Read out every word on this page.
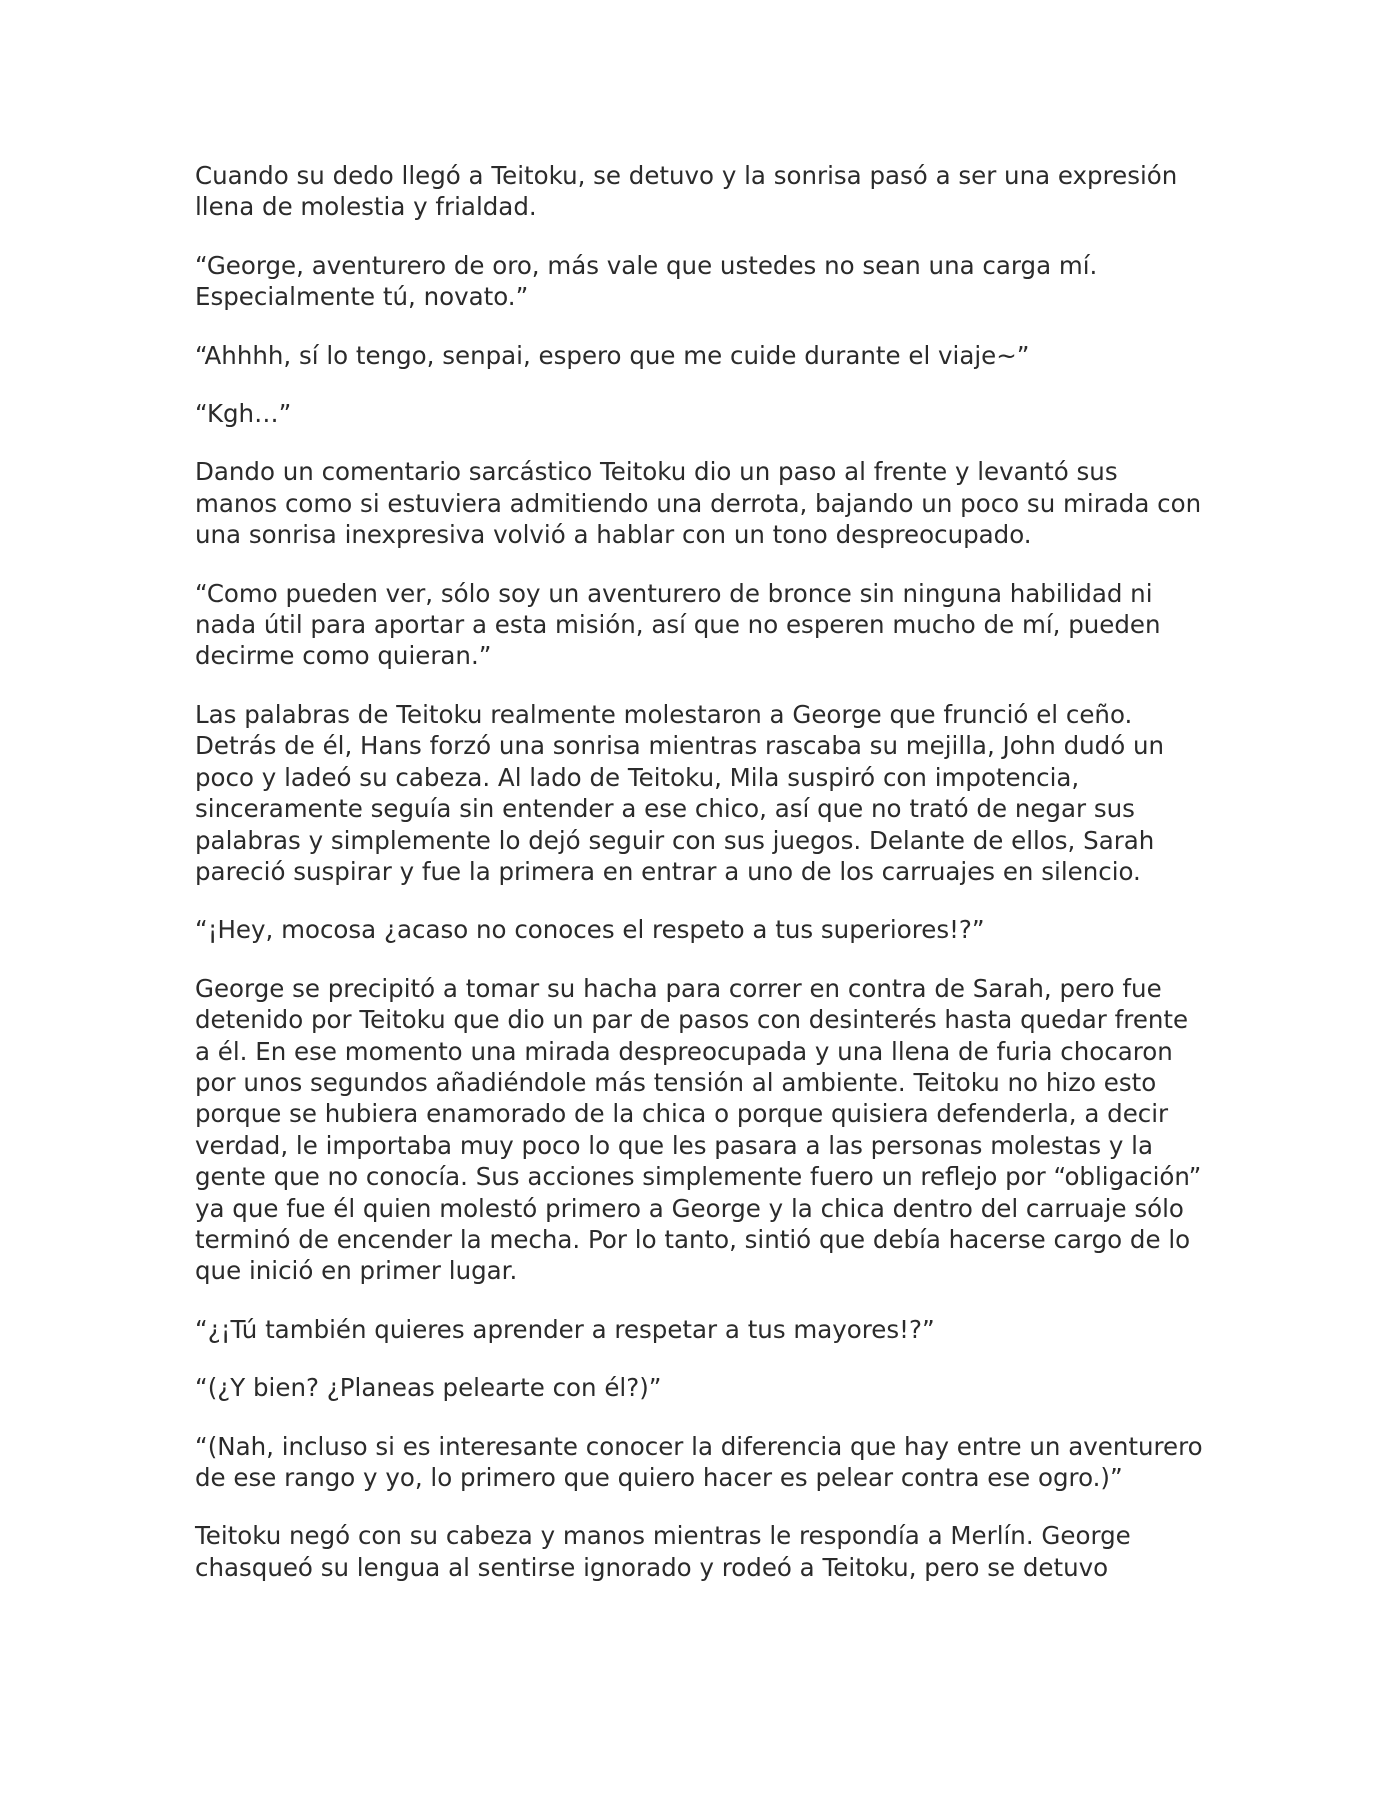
Cuando su dedo llegó a Teitoku, se detuvo y la sonrisa pasó a ser una expresión llena de molestia y frialdad.

“George, aventurero de oro, más vale que ustedes no sean una carga mí. Especialmente tú, novato.”

“Ahhhh, sí lo tengo, senpai, espero que me cuide durante el viaje~”

“Kgh…”

Dando un comentario sarcástico Teitoku dio un paso al frente y levantó sus manos como si estuviera admitiendo una derrota, bajando un poco su mirada con una sonrisa inexpresiva volvió a hablar con un tono despreocupado.

“Como pueden ver, sólo soy un aventurero de bronce sin ninguna habilidad ni nada útil para aportar a esta misión, así que no esperen mucho de mí, pueden decirme como quieran.”

Las palabras de Teitoku realmente molestaron a George que frunció el ceño. Detrás de él, Hans forzó una sonrisa mientras rascaba su mejilla, John dudó un poco y ladeó su cabeza. Al lado de Teitoku, Mila suspiró con impotencia, sinceramente seguía sin entender a ese chico, así que no trató de negar sus palabras y simplemente lo dejó seguir con sus juegos. Delante de ellos, Sarah pareció suspirar y fue la primera en entrar a uno de los carruajes en silencio.

“¡Hey, mocosa ¿acaso no conoces el respeto a tus superiores!?”

George se precipitó a tomar su hacha para correr en contra de Sarah, pero fue detenido por Teitoku que dio un par de pasos con desinterés hasta quedar frente a él. En ese momento una mirada despreocupada y una llena de furia chocaron por unos segundos añadiéndole más tensión al ambiente. Teitoku no hizo esto porque se hubiera enamorado de la chica o porque quisiera defenderla, a decir verdad, le importaba muy poco lo que les pasara a las personas molestas y la gente que no conocía. Sus acciones simplemente fuero un reflejo por “obligación” ya que fue él quien molestó primero a George y la chica dentro del carruaje sólo terminó de encender la mecha. Por lo tanto, sintió que debía hacerse cargo de lo que inició en primer lugar.

“¿¡Tú también quieres aprender a respetar a tus mayores!?”

“(¿Y bien? ¿Planeas pelearte con él?)”

“(Nah, incluso si es interesante conocer la diferencia que hay entre un aventurero de ese rango y yo, lo primero que quiero hacer es pelear contra ese ogro.)”

Teitoku negó con su cabeza y manos mientras le respondía a Merlín. George chasqueó su lengua al sentirse ignorado y rodeó a Teitoku, pero se detuvo
